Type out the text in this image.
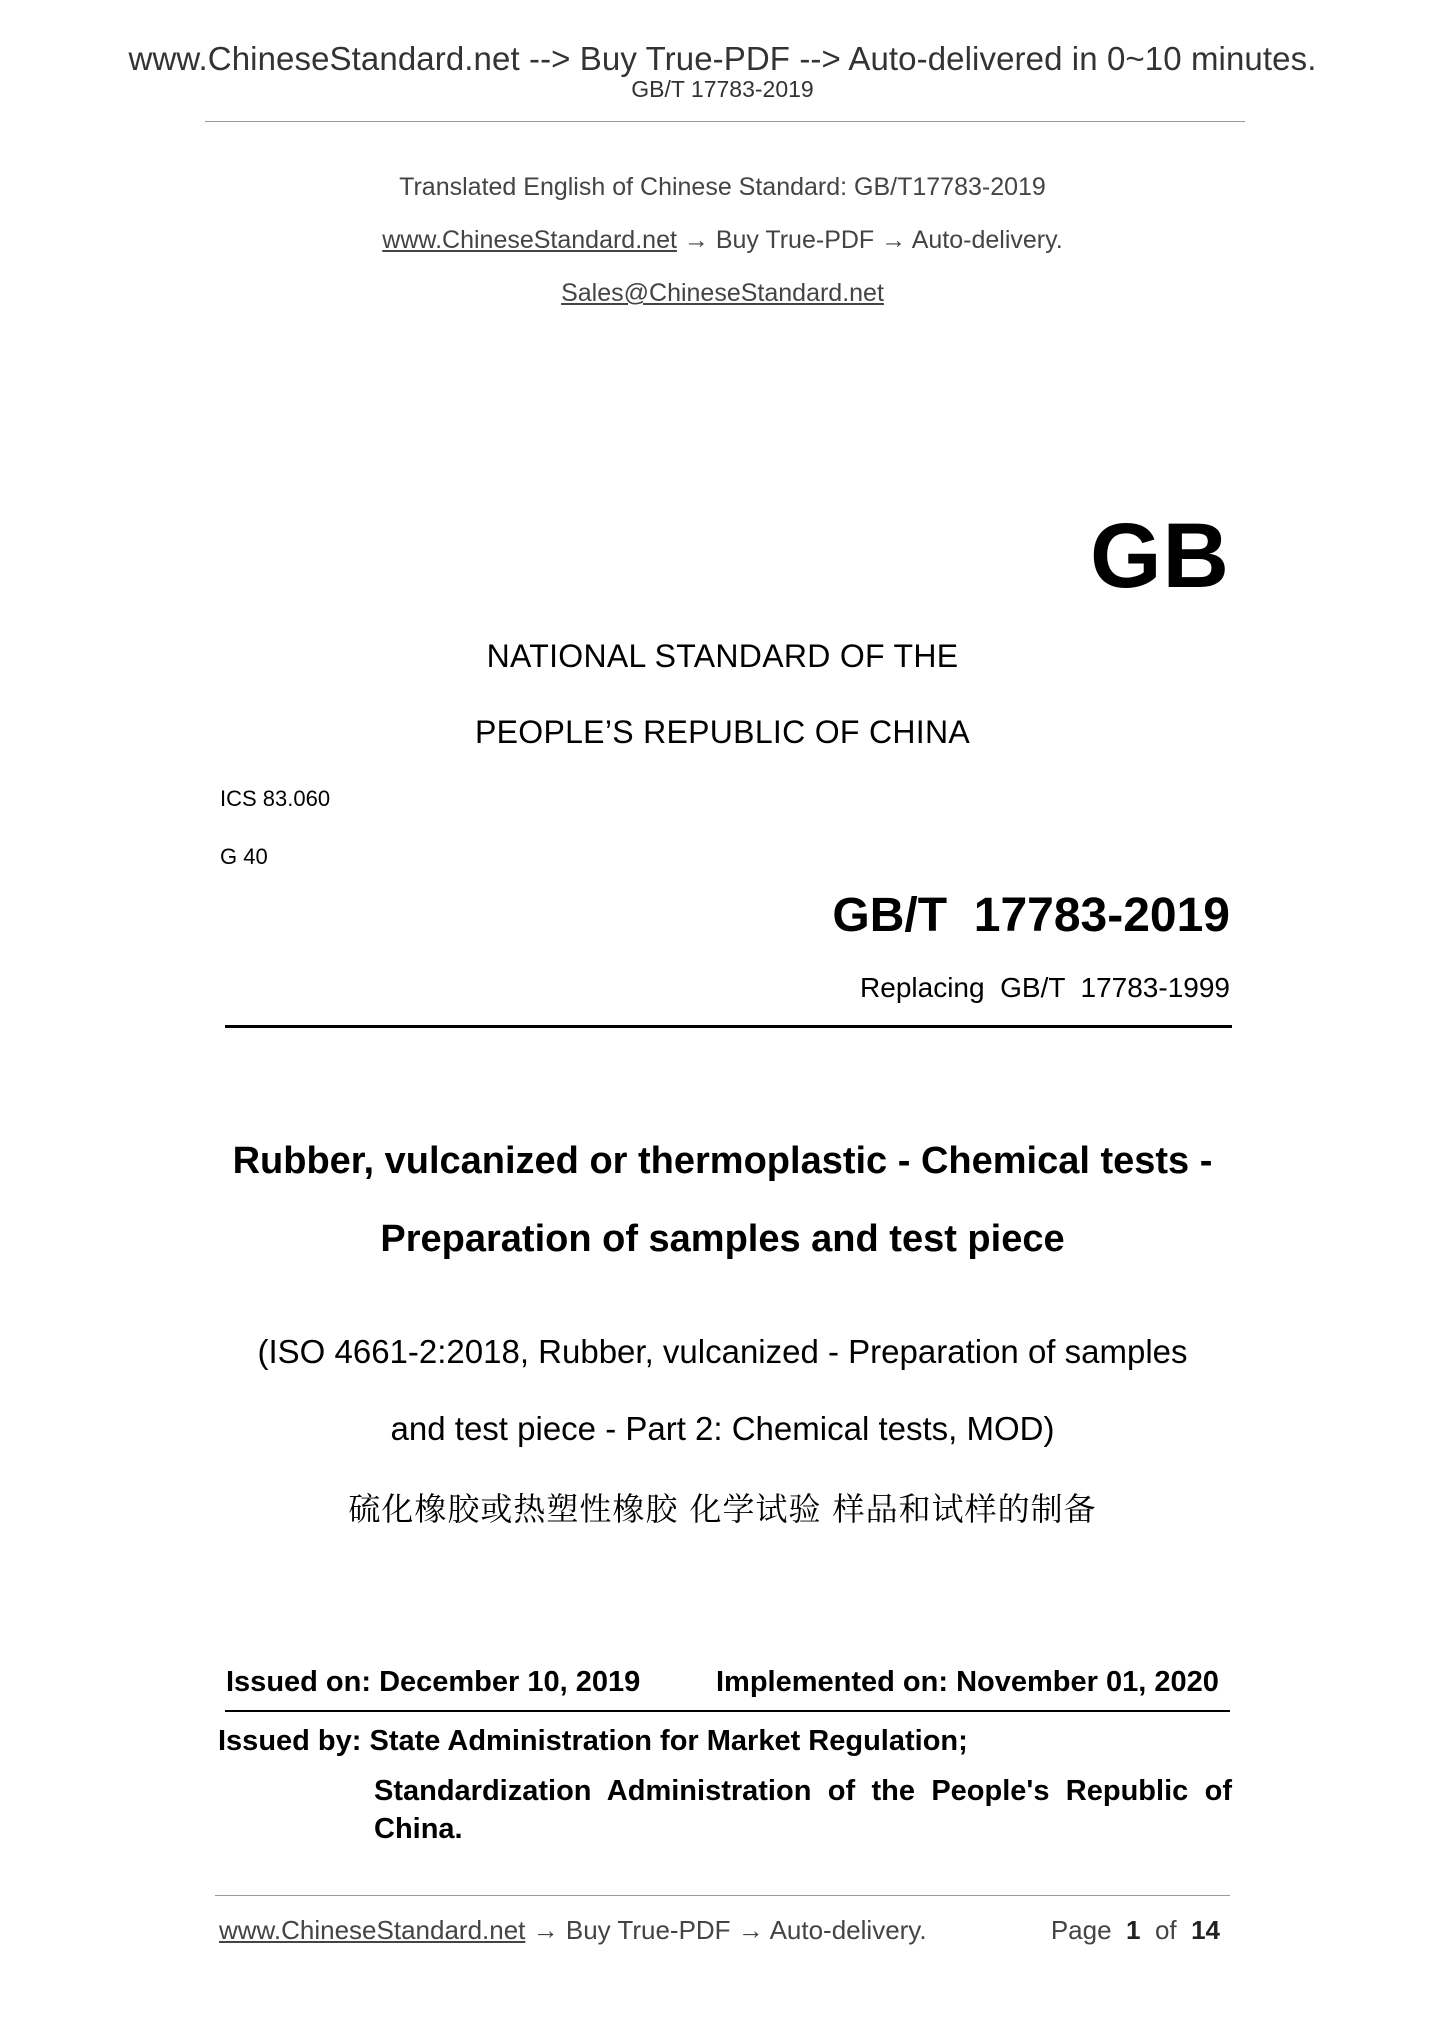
www.ChineseStandard.net --> Buy True-PDF --> Auto-delivered in 0~10 minutes.
GB/T 17783-2019
Translated English of Chinese Standard: GB/T17783-2019
www.ChineseStandard.net → Buy True-PDF → Auto-delivery.
Sales@ChineseStandard.net
GB
NATIONAL STANDARD OF THE
PEOPLE’S REPUBLIC OF CHINA
ICS 83.060
G 40
GB/T  17783-2019
Replacing  GB/T  17783-1999
Rubber, vulcanized or thermoplastic - Chemical tests -
Preparation of samples and test piece
(ISO 4661-2:2018, Rubber, vulcanized - Preparation of samples
and test piece - Part 2: Chemical tests, MOD)
硫化橡胶或热塑性橡胶 化学试验 样品和试样的制备
Issued on: December 10, 2019	Implemented on: November 01, 2020
Issued by: State Administration for Market Regulation;
Standardization Administration of the People's Republic of China.
www.ChineseStandard.net → Buy True-PDF → Auto-delivery.	Page 1 of 14
